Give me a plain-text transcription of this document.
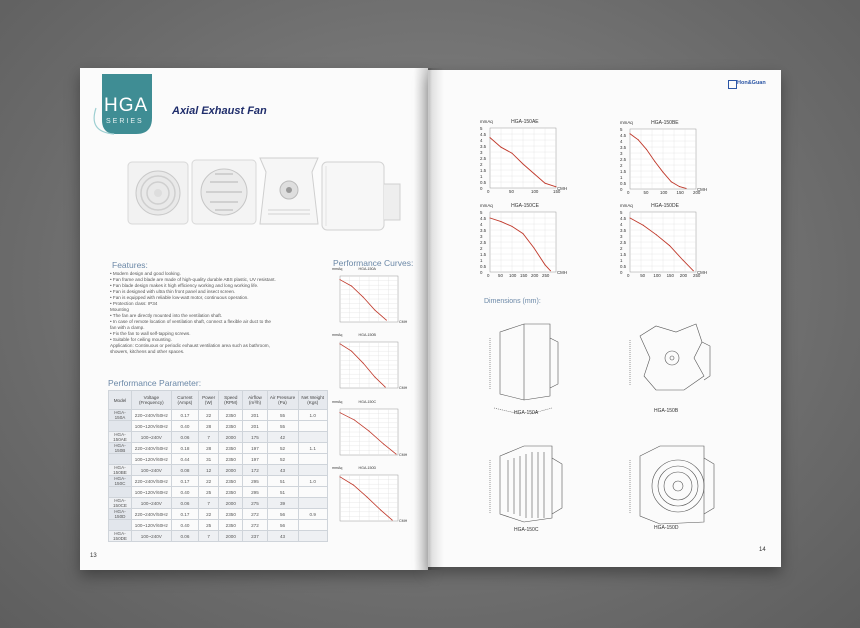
HGA
SERIES
Axial Exhaust Fan
Features:
• Modern design and good looking.
• Fan frame and blade are made of high-quality durable ABS plastic, UV resistant.
• Fan blade design makes it high efficiency working and long working life.
• Fan is designed with ultra thin front panel and insect screen.
• Fan is equipped with reliable low-watt motor, continuous operation.
• Protection class: IP34
Mounting
• The fan are directly mounted into the ventilation shaft.
• In case of remote location of ventilation shaft, connect a flexible air duct to the
fan with a clamp.
• Fix the fan to wall self-tapping screws.
• Suitable for ceiling mounting.
Application: Continuous or periodic exhaust ventilation area such as bathroom,
showers, kitchens and other spaces.
Performance Parameter:
Model	Voltage (Frequency)	Current (Amps)	Power (W)	Speed (RPM)	Airflow (m³/h)	Air Pressure (Pa)	Net Weight (Kgs)
HGA-150A	220~240V/50Hz	0.17	22	2350	201	55	1.0
	100~120V/60Hz	0.40	28	2350	201	55	
HGA-150AE	100~240V	0.06	7	2000	175	42	
HGA-150B	220~240V/50Hz	0.18	28	2350	197	52	1.1
	100~120V/60Hz	0.44	31	2350	197	52	
HGA-150BE	100~240V	0.08	12	2000	172	43	
HGA-150C	220~240V/50Hz	0.17	22	2350	295	51	1.0
	100~120V/60Hz	0.40	25	2350	295	51	
HGA-150CE	100~240V	0.06	7	2000	275	39	
HGA-150D	220~240V/50Hz	0.17	22	2350	272	56	0.9
	100~120V/60Hz	0.40	25	2350	272	56	
HGA-150DE	100~240V	0.06	7	2000	237	43	
Performance Curves:
HGA-150A
mmAq
CMH
HGA-150B
mmAq
CMH
HGA-150C
mmAq
CMH
HGA-150D
mmAq
CMH
13
Hon&Guan
HGA-150AE
mmAq
CMH
0
0.5
1
1.5
2
2.5
3
3.5
4
4.5
5
0	50	100	150
HGA-150BE
mmAq
CMH
0
0.5
1
1.5
2
2.5
3
3.5
4
4.5
5
0	50	100 150 200
HGA-150CE
mmAq
CMH
0
0.5
1
1.5
2
2.5
3
3.5
4
4.5
5
0 50 100 150 200 250
HGA-150DE
mmAq
CMH
0
0.5
1
1.5
2
2.5
3
3.5
4
4.5
5
0 50 100 150 200 250
Dimensions (mm):
HGA-150A	HGA-150B
HGA-150C	HGA-150D
14
